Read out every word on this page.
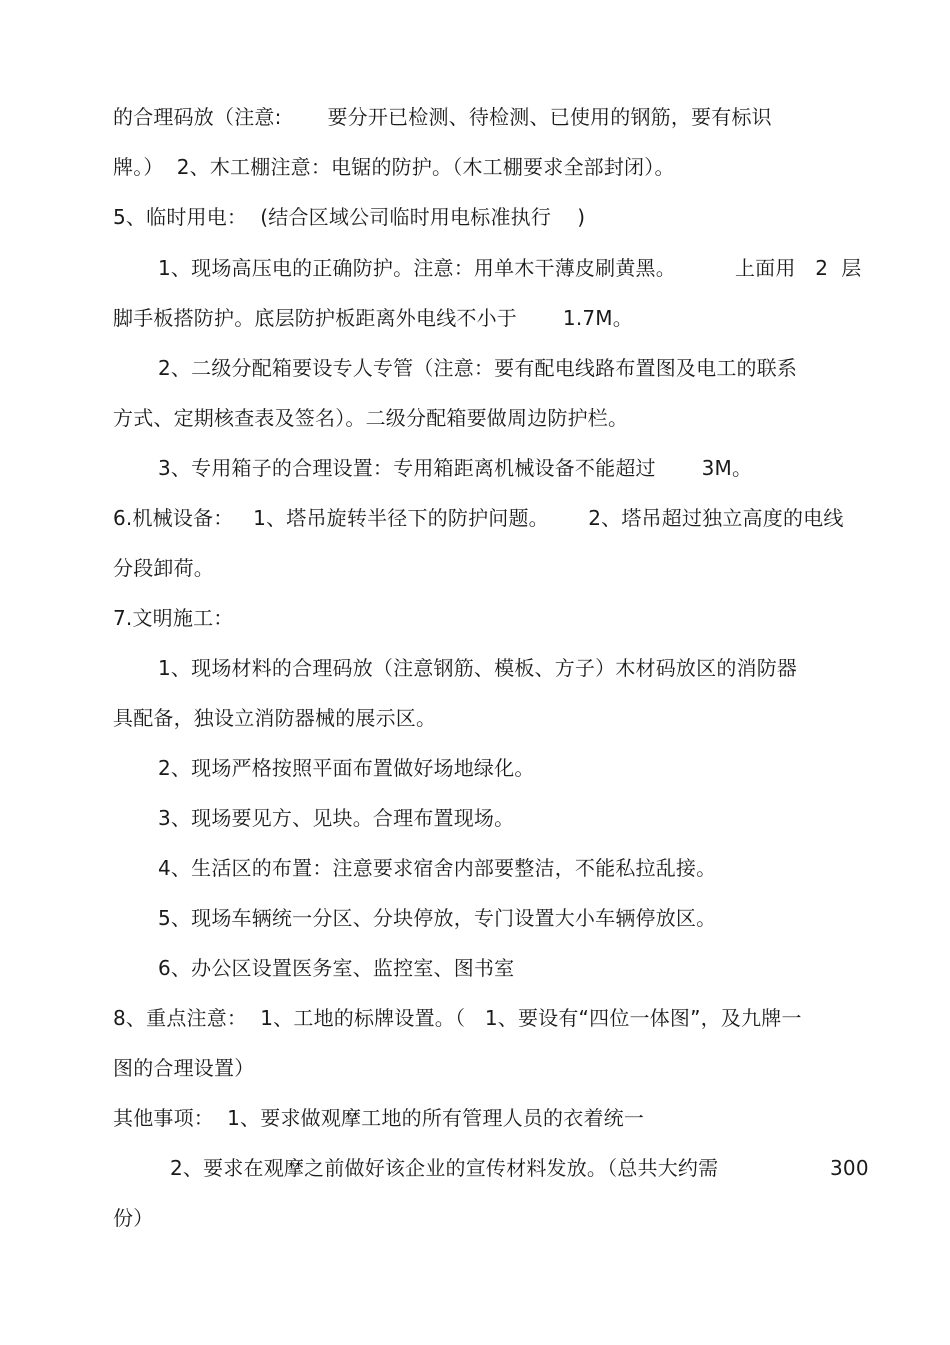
的合理码放（注意:       要分开已检测、待检测、已使用的钢筋，要有标识
牌。）  2、木工棚注意：电锯的防护。（木工棚要求全部封闭）。
5、临时用电：  (结合区域公司临时用电标准执行    )
1、现场高压电的正确防护。注意：用单木干薄皮刷黄黑。         上面用   2  层
脚手板搭防护。底层防护板距离外电线不小于       1.7M。
2、二级分配箱要设专人专管（注意：要有配电线路布置图及电工的联系
方式、定期核查表及签名）。二级分配箱要做周边防护栏。
3、专用箱子的合理设置：专用箱距离机械设备不能超过       3M。
6.机械设备：   1、塔吊旋转半径下的防护问题。      2、塔吊超过独立高度的电线
分段卸荷。
7.文明施工：
1、现场材料的合理码放（注意钢筋、模板、方子）木材码放区的消防器
具配备，独设立消防器械的展示区。
2、现场严格按照平面布置做好场地绿化。
3、现场要见方、见块。合理布置现场。
4、生活区的布置：注意要求宿舍内部要整洁，不能私拉乱接。
5、现场车辆统一分区、分块停放，专门设置大小车辆停放区。
6、办公区设置医务室、监控室、图书室
8、重点注意：  1、工地的标牌设置。（   1、要设有“四位一体图”，及九牌一
图的合理设置）
其他事项：  1、要求做观摩工地的所有管理人员的衣着统一
2、要求在观摩之前做好该企业的宣传材料发放。（总共大约需	300
份）
